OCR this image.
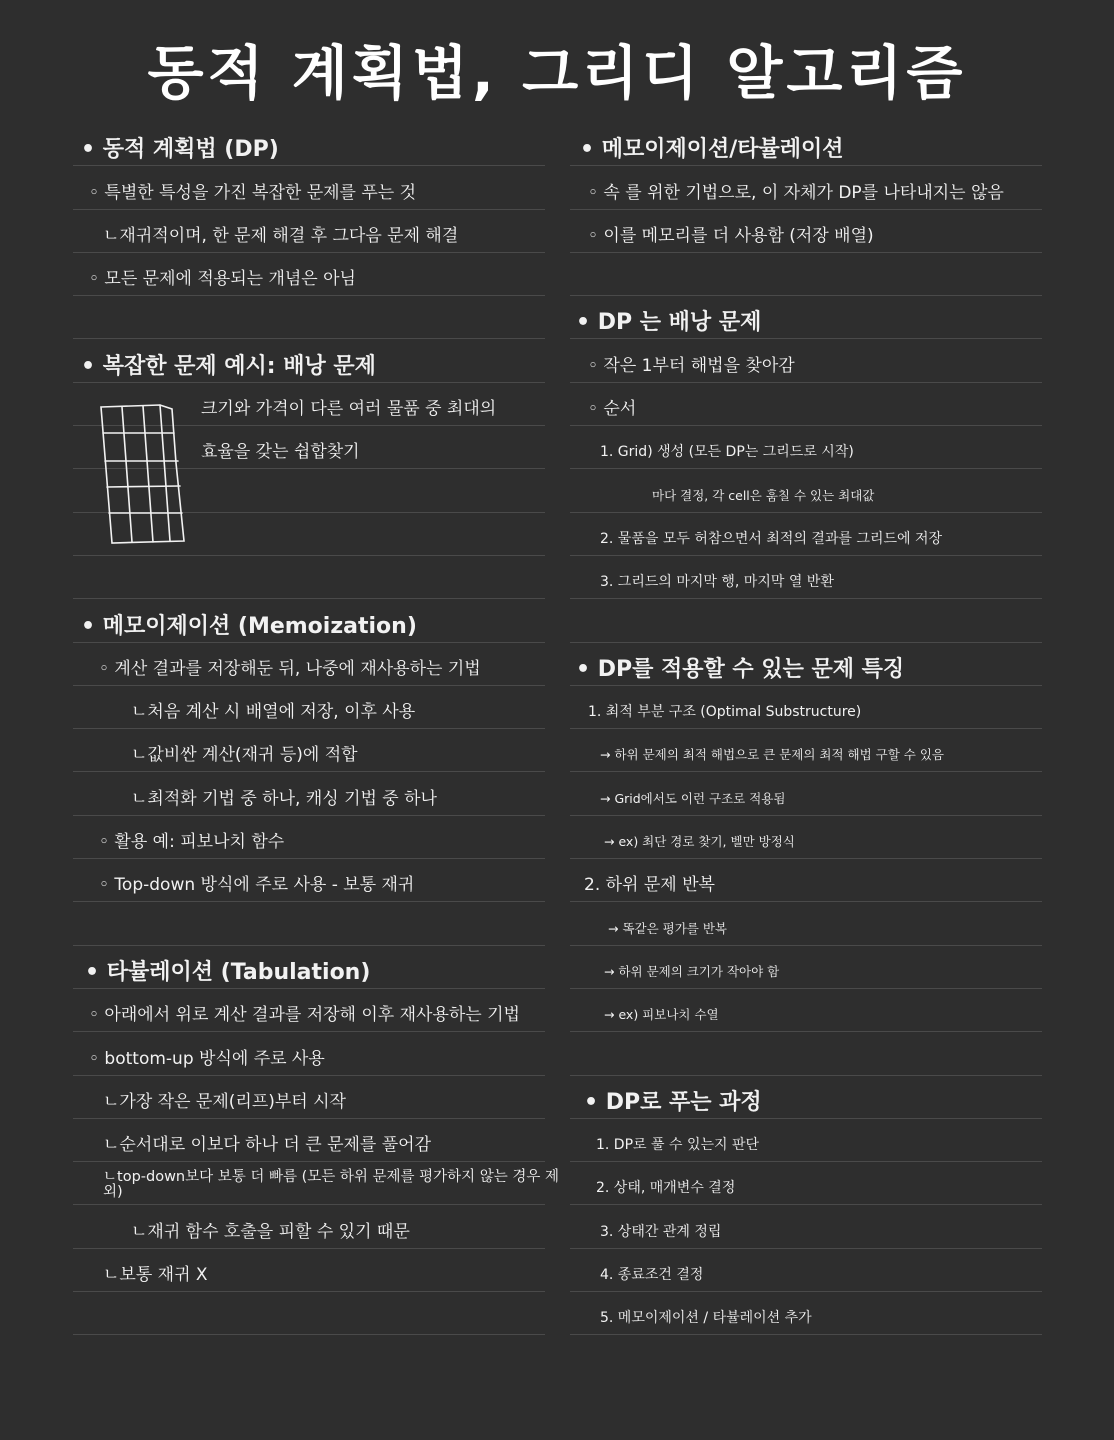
동적 계획법, 그리디 알고리즘
• 동적 계획법 (DP)
◦ 특별한 특성을 가진 복잡한 문제를 푸는 것
ㄴ재귀적이며, 한 문제 해결 후 그다음 문제 해결
◦ 모든 문제에 적용되는 개념은 아님
• 복잡한 문제 예시: 배낭 문제
크기와 가격이 다른 여러 물품 중 최대의
효율을 갖는 쉽합찾기
• 메모이제이션 (Memoization)
◦ 계산 결과를 저장해둔 뒤, 나중에 재사용하는 기법
ㄴ처음 계산 시 배열에 저장, 이후 사용
ㄴ값비싼 계산(재귀 등)에 적합
ㄴ최적화 기법 중 하나, 캐싱 기법 중 하나
◦ 활용 예: 피보나치 함수
◦ Top-down 방식에 주로 사용 - 보통 재귀
• 타뷸레이션 (Tabulation)
◦ 아래에서 위로 계산 결과를 저장해 이후 재사용하는 기법
◦ bottom-up 방식에 주로 사용
ㄴ가장 작은 문제(리프)부터 시작
ㄴ순서대로 이보다 하나 더 큰 문제를 풀어감
ㄴtop-down보다 보통 더 빠름 (모든 하위 문제를 평가하지 않는 경우 제외)
ㄴ재귀 함수 호출을 피할 수 있기 때문
ㄴ보통 재귀 X
• 메모이제이션/타뷸레이션
◦ 속 를 위한 기법으로, 이 자체가 DP를 나타내지는 않음
◦ 이를 메모리를 더 사용함 (저장 배열)
• DP 는 배낭 문제
◦ 작은 1부터 해법을 찾아감
◦ 순서
1. Grid) 생성 (모든 DP는 그리드로 시작)
마다 결정, 각 cell은 훔칠 수 있는 최대값
2. 물품을 모두 허참으면서 최적의 결과를 그리드에 저장
3. 그리드의 마지막 행, 마지막 열 반환
• DP를 적용할 수 있는 문제 특징
1. 최적 부분 구조 (Optimal Substructure)
→ 하위 문제의 최적 해법으로 큰 문제의 최적 해법 구할 수 있음
→ Grid에서도 이런 구조로 적용됨
→ ex) 최단 경로 찾기, 벨만 방정식
2. 하위 문제 반복
→ 똑같은 평가를 반복
→ 하위 문제의 크기가 작아야 함
→ ex) 피보나치 수열
• DP로 푸는 과정
1. DP로 풀 수 있는지 판단
2. 상태, 매개변수 결정
3. 상태간 관계 정립
4. 종료조건 결정
5. 메모이제이션 / 타뷸레이션 추가
